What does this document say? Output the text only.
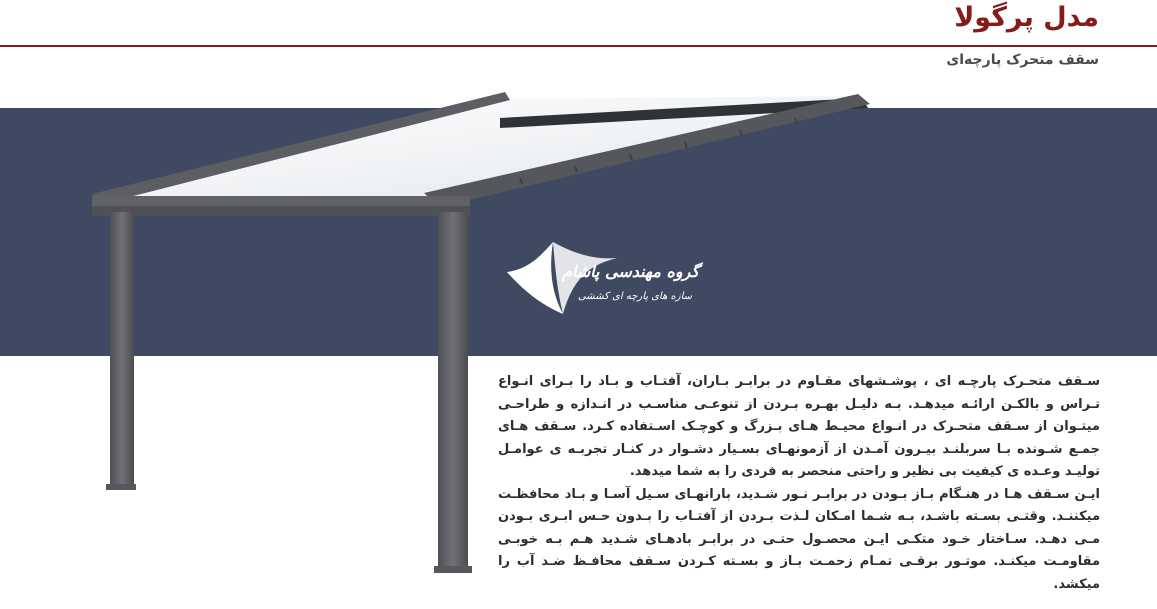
مدل پرگولا
سقف متحرک پارچه‌ای
گروه مهندسی پاشام
سازه های پارچه ای کششی

سـقف متحـرک پارچـه ای ، پوشـشهای مقـاوم در برابـر بـاران، آفتـاب و بـاد را بـرای انـواع تـراس و بالکـن ارائـه میدهـد. بـه دلیـل بهـره بـردن از تنوعـی مناسـب در انـدازه و طراحـی میتـوان از سـقف متحـرک در انـواع محیـط هـای بـزرگ و کوچـک اسـتفاده کـرد. سـقف هـای جمـع شـونده بـا سربلنـد بیـرون آمـدن از آزمونهـای بسـیار دشـوار در کنـار تجربـه ی عوامـل تولیـد وعـده ی کیفیت بی نظیر و راحتی منحصر به فردی را به شما میدهد.

ایـن سـقف هـا در هنـگام بـاز بـودن در برابـر نـور شـدید، بارانهـای سـیل آسـا و بـاد محافظـت میکننـد. وقتـی بسـته باشـد، بـه شـما امـکان لـذت بـردن از آفتـاب را بـدون حـس ابـری بـودن مـی دهـد. سـاختار خـود متکـی ایـن محصـول حتـی در برابـر بادهـای شـدید هـم بـه خوبـی مقاومـت میکنـد. موتـور برقـی تمـام زحمـت بـاز و بسـته کـردن سـقف محافـظ ضـد آب را میکشد.
